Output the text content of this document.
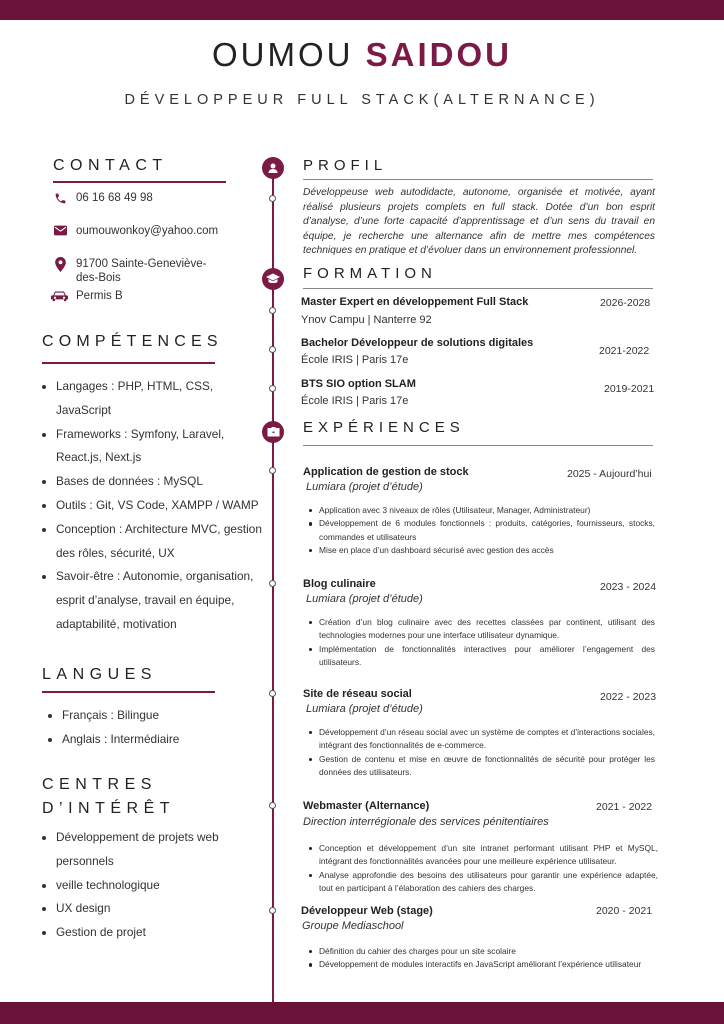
OUMOU SAIDOU
DÉVELOPPEUR FULL STACK(ALTERNANCE)
CONTACT
06 16 68 49 98
oumouwonkoy@yahoo.com
91700 Sainte-Geneviève-
des-Bois
Permis B
COMPÉTENCES
Langages : PHP, HTML, CSS, JavaScript
Frameworks : Symfony, Laravel, React.js, Next.js
Bases de données : MySQL
Outils : Git, VS Code, XAMPP / WAMP
Conception : Architecture MVC, gestion des rôles, sécurité, UX
Savoir-être : Autonomie, organisation, esprit d’analyse, travail en équipe, adaptabilité, motivation
LANGUES
Français : Bilingue
Anglais : Intermédiaire
CENTRES
D’INTÉRÊT
Développement de projets web personnels
veille technologique
UX design
Gestion de projet
PROFIL
Développeuse web autodidacte, autonome, organisée et motivée, ayant réalisé plusieurs projets complets en full stack. Dotée d’un bon esprit d’analyse, d’une forte capacité d’apprentissage et d’un sens du travail en équipe, je recherche une alternance afin de mettre mes compétences techniques en pratique et d’évoluer dans un environnement professionnel.
FORMATION
Master Expert en développement Full Stack
Ynov Campu | Nanterre 92
2026-2028
Bachelor Développeur de solutions digitales
École IRIS | Paris 17e
2021-2022
BTS SIO option SLAM
École IRIS | Paris 17e
2019-2021
EXPÉRIENCES
Application de gestion de stock	2025 - Aujourd’hui
Lumiara (projet d’étude)
Application avec 3 niveaux de rôles (Utilisateur, Manager, Administrateur)
Développement de 6 modules fonctionnels : produits, catégories, fournisseurs, stocks, commandes et utilisateurs
Mise en place d’un dashboard sécurisé avec gestion des accès
Blog culinaire	2023 - 2024
Lumiara (projet d’étude)
Création d’un blog culinaire avec des recettes classées par continent, utilisant des technologies modernes pour une interface utilisateur dynamique.
Implémentation de fonctionnalités interactives pour améliorer l’engagement des utilisateurs.
Site de réseau social	2022 - 2023
Lumiara (projet d’étude)
Développement d’un réseau social avec un système de comptes et d’interactions sociales, intégrant des fonctionnalités de e-commerce.
Gestion de contenu et mise en œuvre de fonctionnalités de sécurité pour protéger les données des utilisateurs.
Webmaster (Alternance)	2021 - 2022
Direction interrégionale des services pénitentiaires
Conception et développement d’un site intranet performant utilisant PHP et MySQL, intégrant des fonctionnalités avancées pour une meilleure expérience utilisateur.
Analyse approfondie des besoins des utilisateurs pour garantir une expérience adaptée, tout en participant à l’élaboration des cahiers des charges.
Développeur Web (stage)	2020 - 2021
Groupe Mediaschool
Définition du cahier des charges pour un site scolaire
Développement de modules interactifs en JavaScript améliorant l’expérience utilisateur
